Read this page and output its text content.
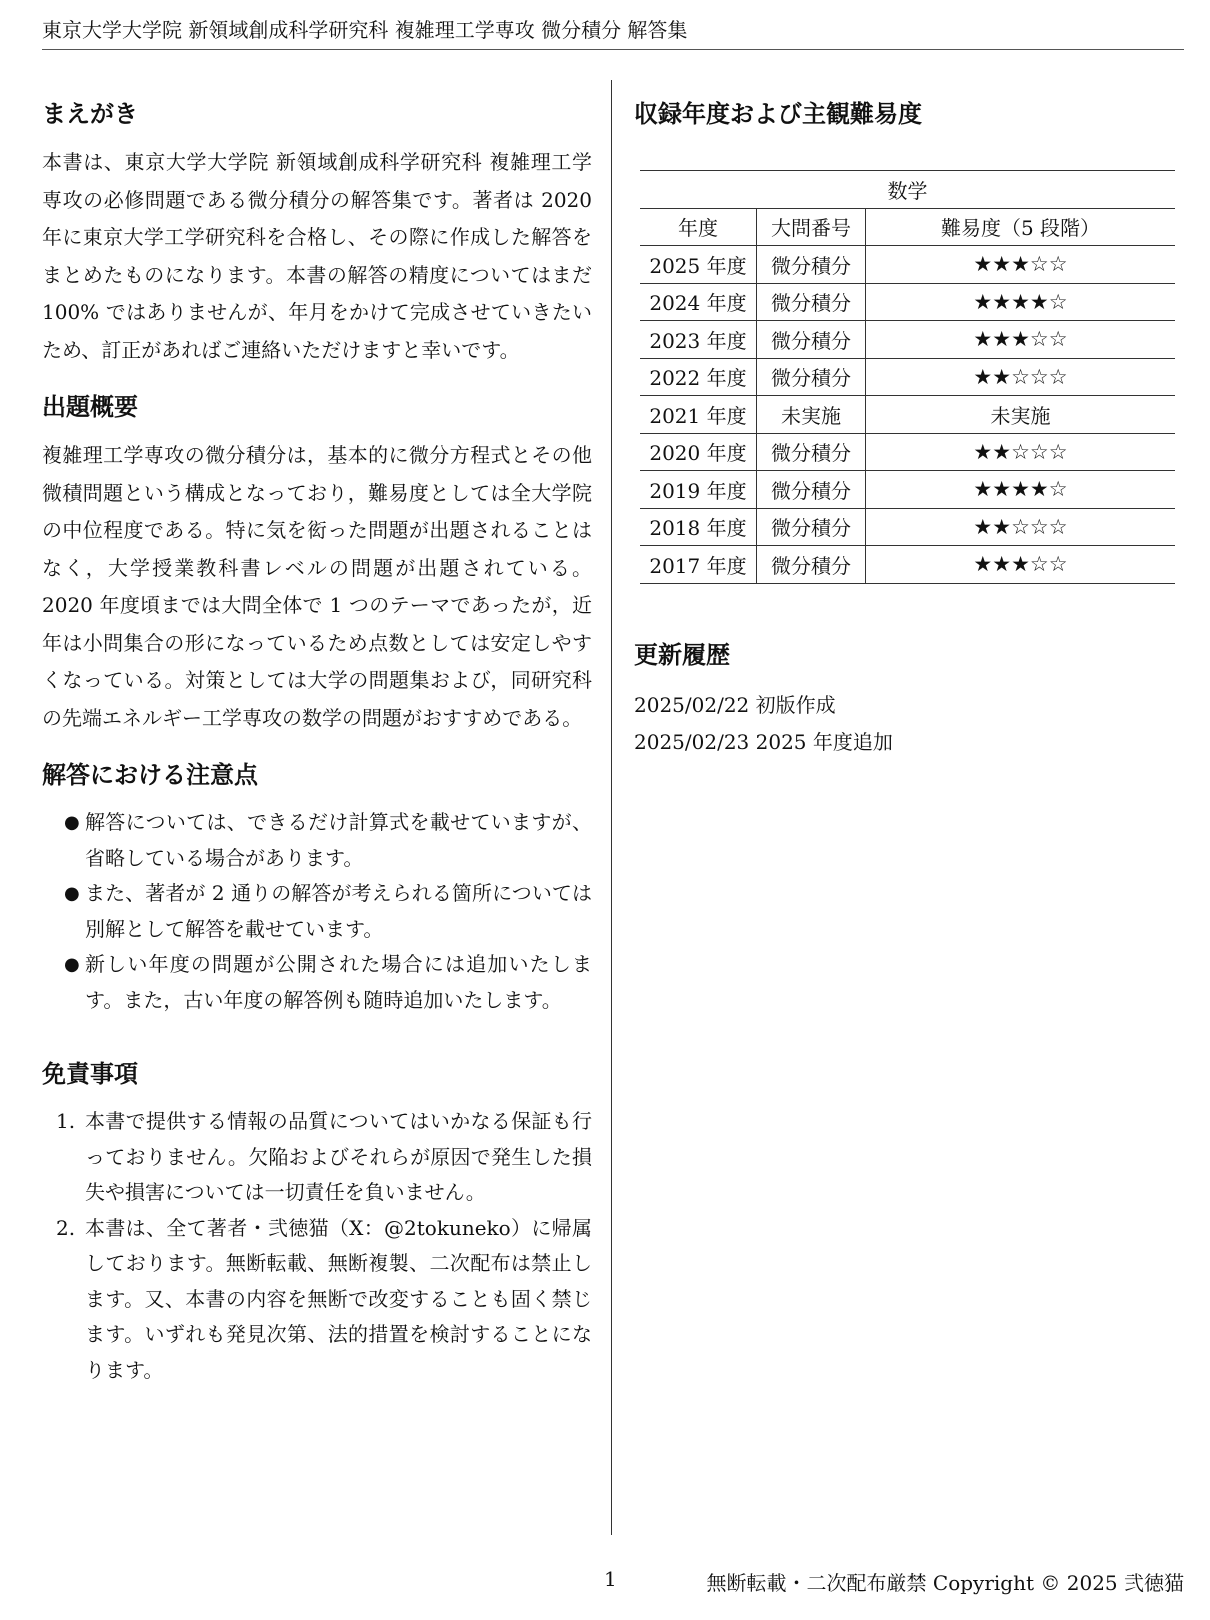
東京大学大学院 新領域創成科学研究科 複雑理工学専攻 微分積分 解答集
まえがき

本書は、東京大学大学院 新領域創成科学研究科 複雑理工学専攻の必修問題である微分積分の解答集です。著者は 2020 年に東京大学工学研究科を合格し、その際に作成した解答をまとめたものになります。本書の解答の精度についてはまだ 100% ではありませんが、年月をかけて完成させていきたいため、訂正があればご連絡いただけますと幸いです。

出題概要

複雑理工学専攻の微分積分は，基本的に微分方程式とその他微積問題という構成となっており，難易度としては全大学院の中位程度である。特に気を衒った問題が出題されることはなく，大学授業教科書レベルの問題が出題されている。2020 年度頃までは大問全体で 1 つのテーマであったが，近年は小問集合の形になっているため点数としては安定しやすくなっている。対策としては大学の問題集および，同研究科の先端エネルギー工学専攻の数学の問題がおすすめである。

解答における注意点
● 解答については、できるだけ計算式を載せていますが、省略している場合があります。
● また、著者が 2 通りの解答が考えられる箇所については別解として解答を載せています。
● 新しい年度の問題が公開された場合には追加いたします。また，古い年度の解答例も随時追加いたします。
免責事項
1. 本書で提供する情報の品質についてはいかなる保証も行っておりません。欠陥およびそれらが原因で発生した損失や損害については一切責任を負いません。
2. 本書は、全て著者・弐徳猫（X：@2tokuneko）に帰属しております。無断転載、無断複製、二次配布は禁止します。又、本書の内容を無断で改変することも固く禁じます。いずれも発見次第、法的措置を検討することになります。
収録年度および主観難易度
数学		
年度	大問番号	難易度（5 段階）
2025 年度	微分積分	★★★☆☆
2024 年度	微分積分	★★★★☆
2023 年度	微分積分	★★★☆☆
2022 年度	微分積分	★★☆☆☆
2021 年度	未実施	未実施
2020 年度	微分積分	★★☆☆☆
2019 年度	微分積分	★★★★☆
2018 年度	微分積分	★★☆☆☆
2017 年度	微分積分	★★★☆☆
更新履歴
2025/02/22 初版作成
2025/02/23 2025 年度追加
1	無断転載・二次配布厳禁 Copyright © 2025 弐徳猫
